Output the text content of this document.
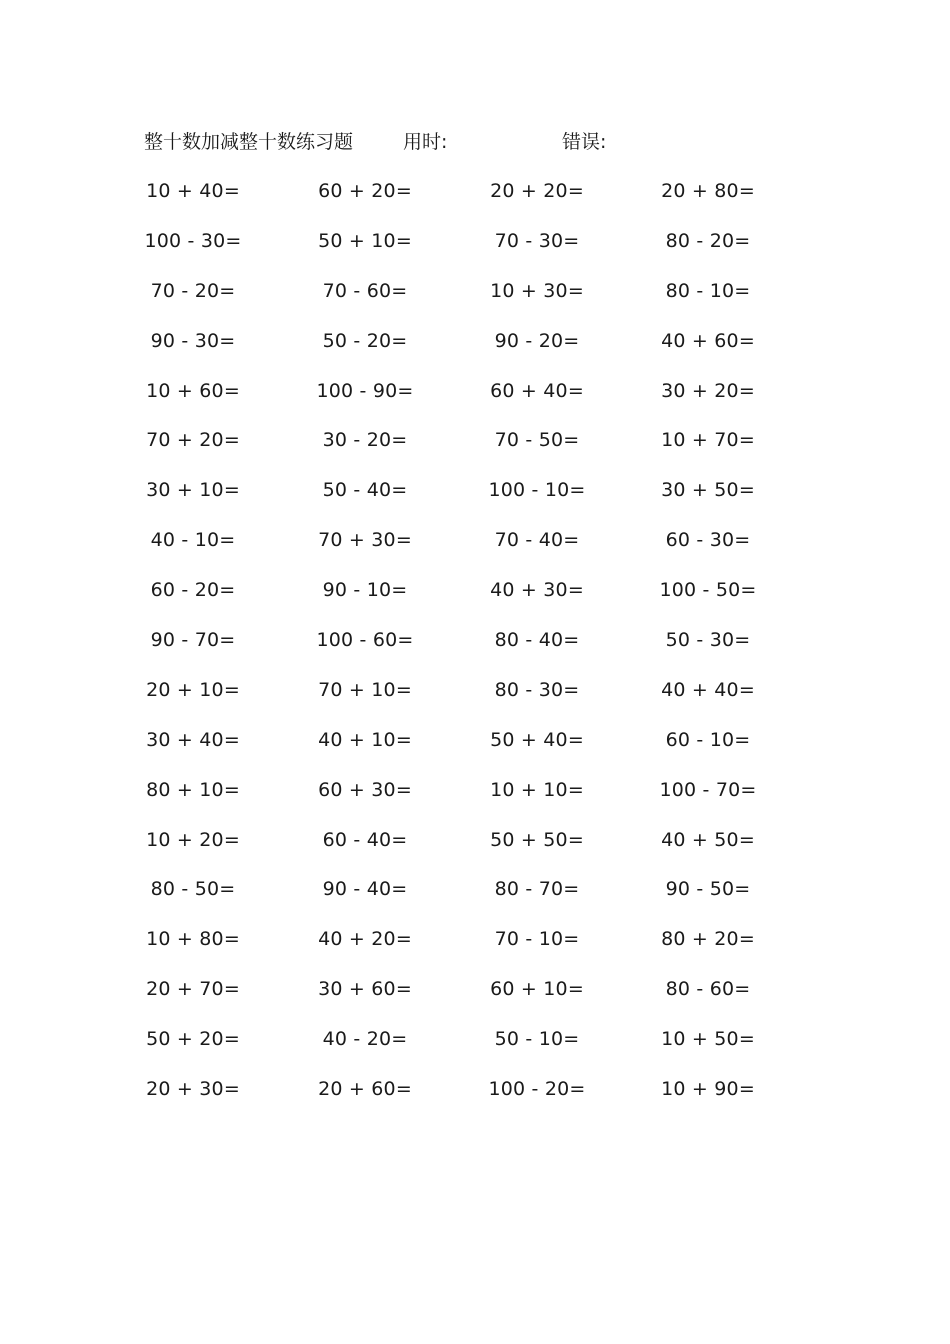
整十数加减整十数练习题	用时:	错误:
10 + 40=	60 + 20=	20 + 20=	20 + 80=
100 - 30=	50 + 10=	70 - 30=	80 - 20=
70 - 20=	70 - 60=	10 + 30=	80 - 10=
90 - 30=	50 - 20=	90 - 20=	40 + 60=
10 + 60=	100 - 90=	60 + 40=	30 + 20=
70 + 20=	30 - 20=	70 - 50=	10 + 70=
30 + 10=	50 - 40=	100 - 10=	30 + 50=
40 - 10=	70 + 30=	70 - 40=	60 - 30=
60 - 20=	90 - 10=	40 + 30=	100 - 50=
90 - 70=	100 - 60=	80 - 40=	50 - 30=
20 + 10=	70 + 10=	80 - 30=	40 + 40=
30 + 40=	40 + 10=	50 + 40=	60 - 10=
80 + 10=	60 + 30=	10 + 10=	100 - 70=
10 + 20=	60 - 40=	50 + 50=	40 + 50=
80 - 50=	90 - 40=	80 - 70=	90 - 50=
10 + 80=	40 + 20=	70 - 10=	80 + 20=
20 + 70=	30 + 60=	60 + 10=	80 - 60=
50 + 20=	40 - 20=	50 - 10=	10 + 50=
20 + 30=	20 + 60=	100 - 20=	10 + 90=
